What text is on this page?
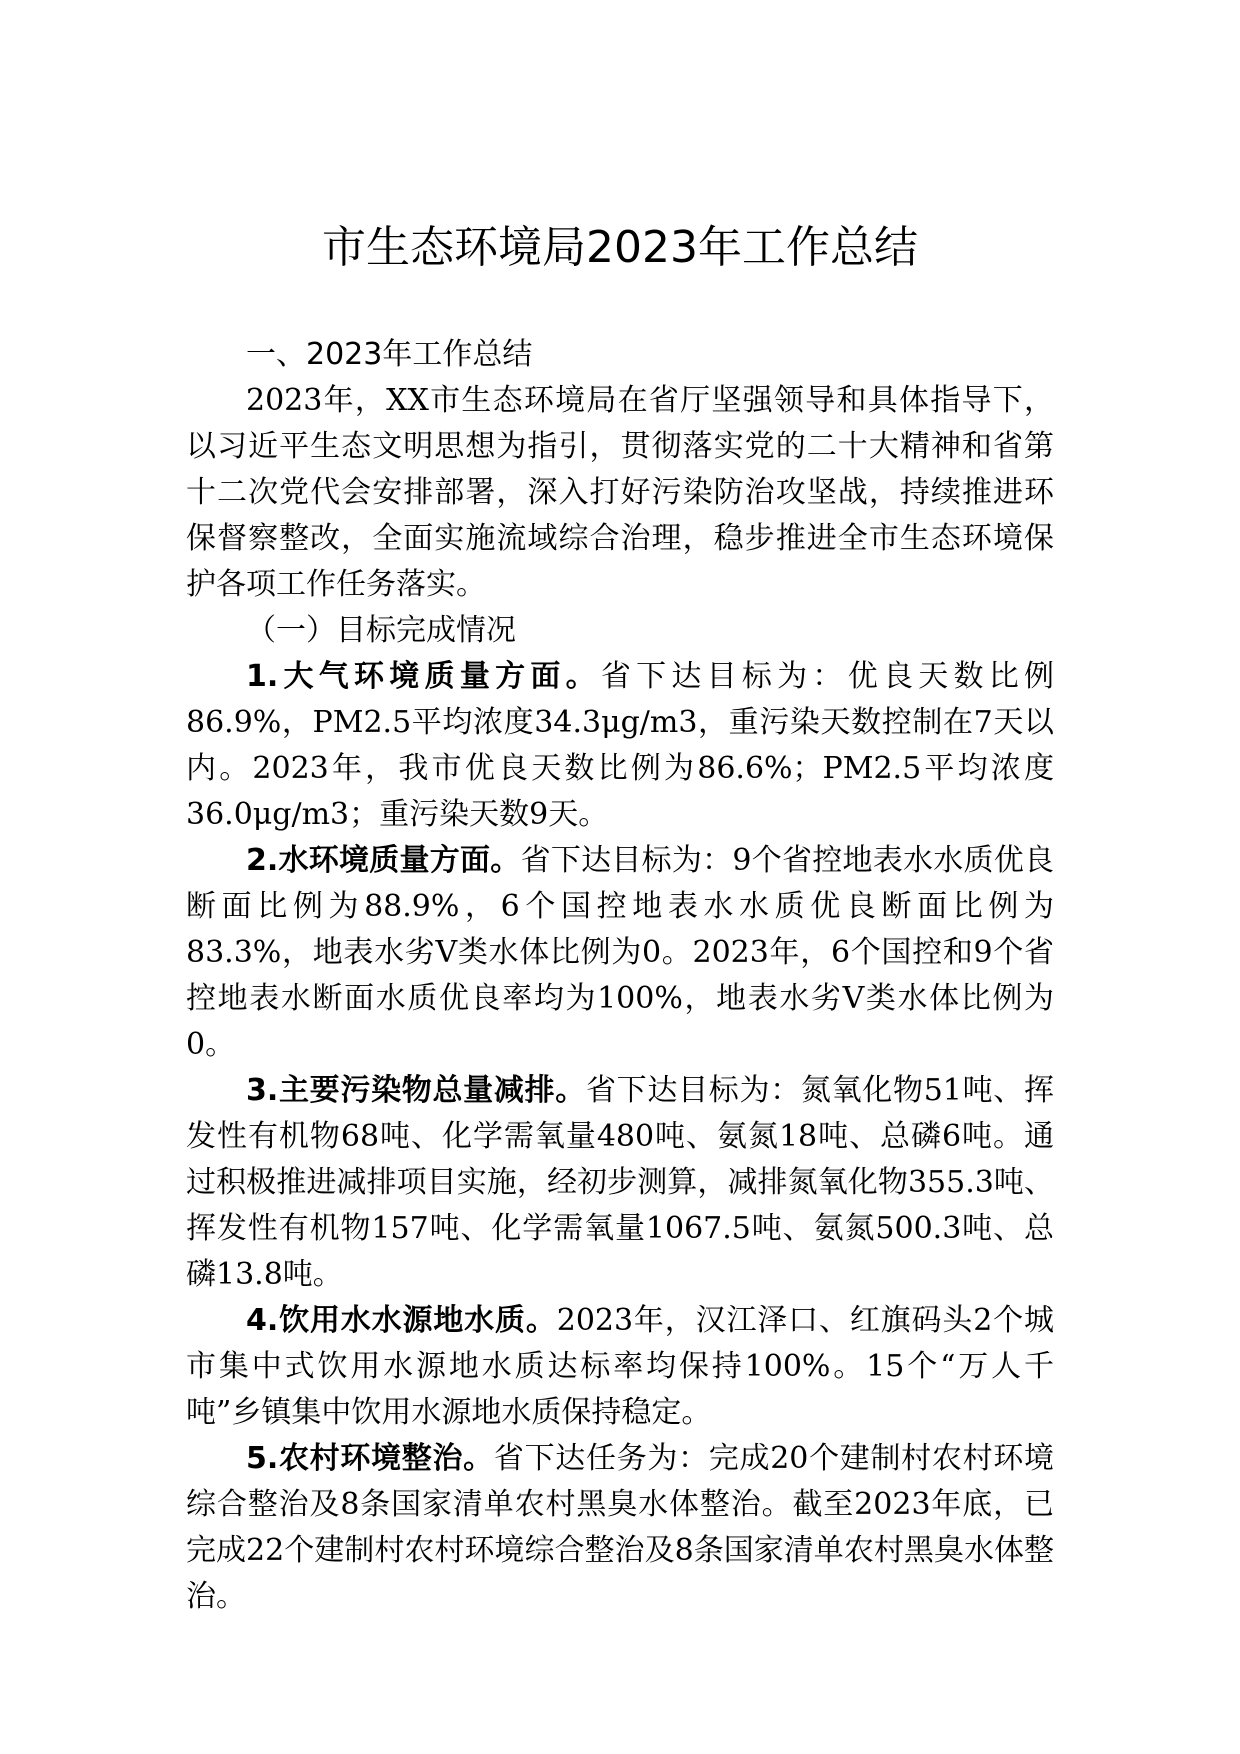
市生态环境局2023年工作总结

一、2023年工作总结

2023年，XX市生态环境局在省厅坚强领导和具体指导下，以习近平生态文明思想为指引，贯彻落实党的二十大精神和省第十二次党代会安排部署，深入打好污染防治攻坚战，持续推进环保督察整改，全面实施流域综合治理，稳步推进全市生态环境保护各项工作任务落实。

（一）目标完成情况

1.大气环境质量方面。省下达目标为：优良天数比例86.9%，PM2.5平均浓度34.3μg/m3，重污染天数控制在7天以内。2023年，我市优良天数比例为86.6%；PM2.5平均浓度36.0μg/m3；重污染天数9天。

2.水环境质量方面。省下达目标为：9个省控地表水水质优良断面比例为88.9%，6个国控地表水水质优良断面比例为83.3%，地表水劣Ⅴ类水体比例为0。2023年，6个国控和9个省控地表水断面水质优良率均为100%，地表水劣Ⅴ类水体比例为0。

3.主要污染物总量减排。省下达目标为：氮氧化物51吨、挥发性有机物68吨、化学需氧量480吨、氨氮18吨、总磷6吨。通过积极推进减排项目实施，经初步测算，减排氮氧化物355.3吨、挥发性有机物157吨、化学需氧量1067.5吨、氨氮500.3吨、总磷13.8吨。

4.饮用水水源地水质。2023年，汉江泽口、红旗码头2个城市集中式饮用水源地水质达标率均保持100%。15个“万人千吨”乡镇集中饮用水源地水质保持稳定。

5.农村环境整治。省下达任务为：完成20个建制村农村环境综合整治及8条国家清单农村黑臭水体整治。截至2023年底，已完成22个建制村农村环境综合整治及8条国家清单农村黑臭水体整治。
